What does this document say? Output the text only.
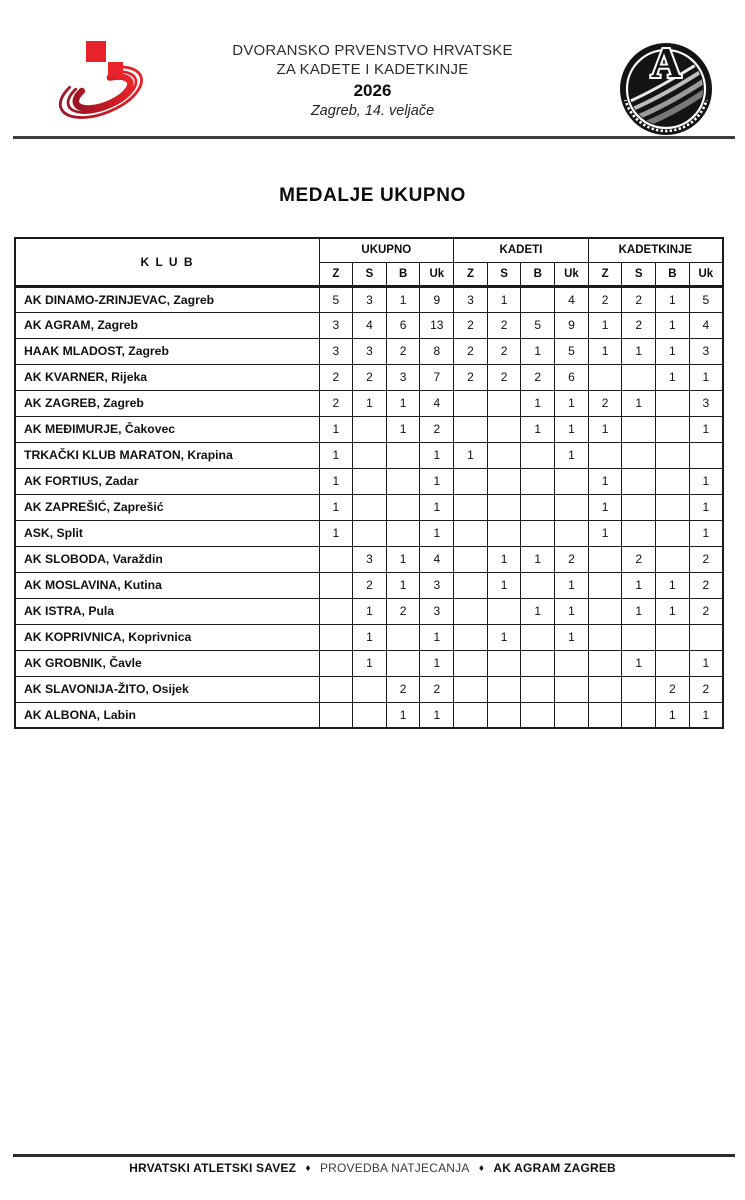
DVORANSKO PRVENSTVO HRVATSKE
ZA KADETE I KADETKINJE
2026
Zagreb, 14. veljače
A
MEDALJE UKUPNO
K L U B	UKUPNO				KADETI				KADETKINJE			
	Z	S	B	Uk	Z	S	B	Uk	Z	S	B	Uk
AK DINAMO-ZRINJEVAC, Zagreb	5	3	1	9	3	1		4	2	2	1	5
AK AGRAM, Zagreb	3	4	6	13	2	2	5	9	1	2	1	4
HAAK MLADOST, Zagreb	3	3	2	8	2	2	1	5	1	1	1	3
AK KVARNER, Rijeka	2	2	3	7	2	2	2	6			1	1
AK ZAGREB, Zagreb	2	1	1	4			1	1	2	1		3
AK MEĐIMURJE, Čakovec	1		1	2			1	1	1			1
TRKAČKI KLUB MARATON, Krapina	1			1	1			1				
AK FORTIUS, Zadar	1			1					1			1
AK ZAPREŠIĆ, Zaprešić	1			1					1			1
ASK, Split	1			1					1			1
AK SLOBODA, Varaždin		3	1	4		1	1	2		2		2
AK MOSLAVINA, Kutina		2	1	3		1		1		1	1	2
AK ISTRA, Pula		1	2	3			1	1		1	1	2
AK KOPRIVNICA, Koprivnica		1		1		1		1				
AK GROBNIK, Čavle		1		1						1		1
AK SLAVONIJA-ŽITO, Osijek			2	2							2	2
AK ALBONA, Labin			1	1							1	1
HRVATSKI ATLETSKI SAVEZ ♦ PROVEDBA NATJECANJA ♦ AK AGRAM ZAGREB
